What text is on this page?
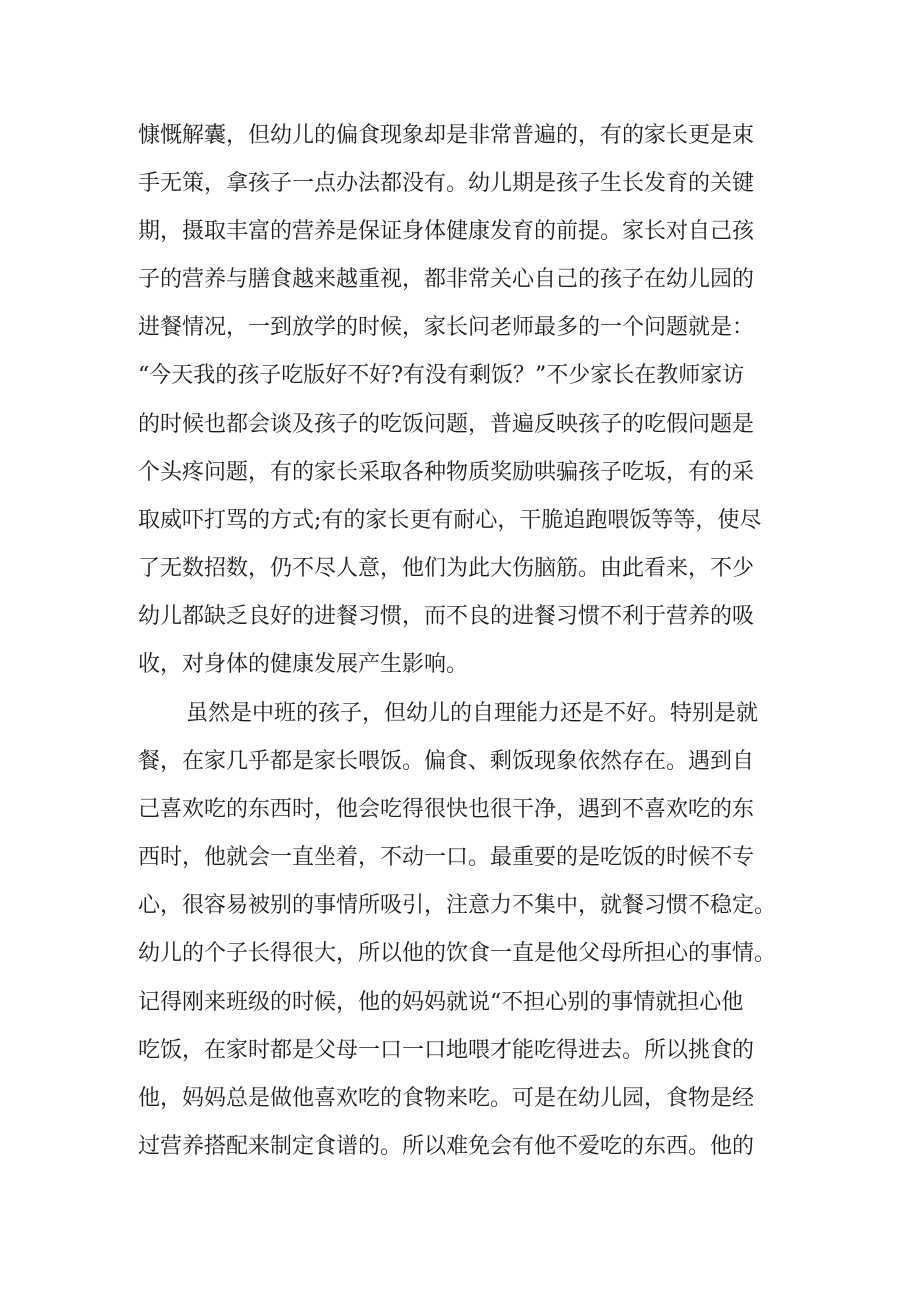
慷慨解囊，但幼儿的偏食现象却是非常普遍的，有的家长更是束
手无策，拿孩子一点办法都没有。幼儿期是孩子生长发育的关键
期，摄取丰富的营养是保证身体健康发育的前提。家长对自己孩
子的营养与膳食越来越重视，都非常关心自己的孩子在幼儿园的
进餐情况，一到放学的时候，家长问老师最多的一个问题就是：
“今天我的孩子吃版好不好?有没有剩饭？”不少家长在教师家访
的时候也都会谈及孩子的吃饭问题，普遍反映孩子的吃假问题是
个头疼问题，有的家长采取各种物质奖励哄骗孩子吃坂，有的采
取威吓打骂的方式;有的家长更有耐心，干脆追跑喂饭等等，使尽
了无数招数，仍不尽人意，他们为此大伤脑筋。由此看来，不少
幼儿都缺乏良好的进餐习惯，而不良的进餐习惯不利于营养的吸
收，对身体的健康发展产生影响。
虽然是中班的孩子，但幼儿的自理能力还是不好。特别是就
餐，在家几乎都是家长喂饭。偏食、剩饭现象依然存在。遇到自
己喜欢吃的东西时，他会吃得很快也很干净，遇到不喜欢吃的东
西时，他就会一直坐着，不动一口。最重要的是吃饭的时候不专
心，很容易被别的事情所吸引，注意力不集中，就餐习惯不稳定。
幼儿的个子长得很大，所以他的饮食一直是他父母所担心的事情。
记得刚来班级的时候，他的妈妈就说“不担心别的事情就担心他
吃饭，在家时都是父母一口一口地喂才能吃得进去。所以挑食的
他，妈妈总是做他喜欢吃的食物来吃。可是在幼儿园，食物是经
过营养搭配来制定食谱的。所以难免会有他不爱吃的东西。他的
